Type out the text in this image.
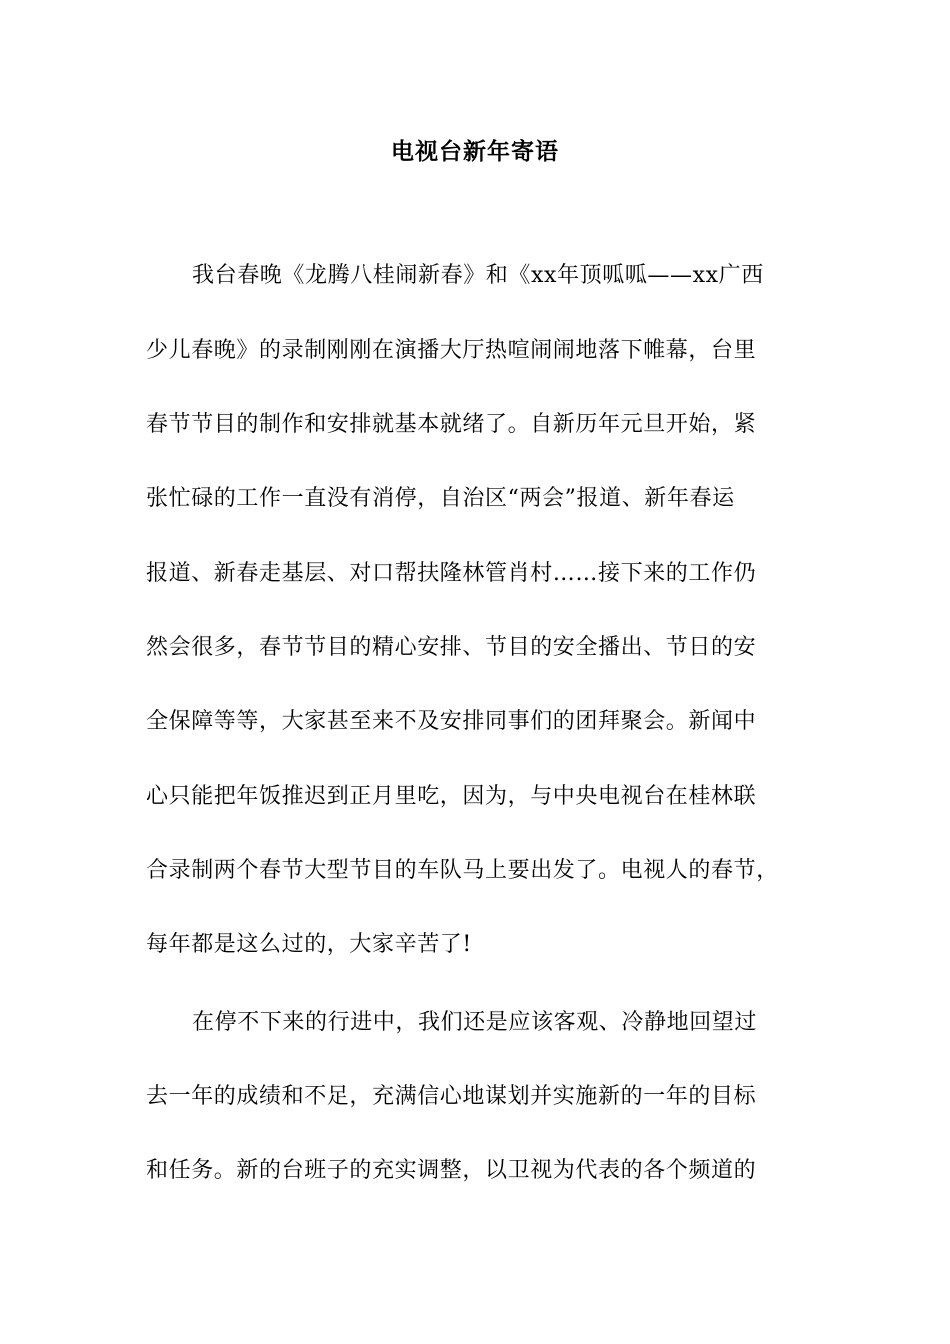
电视台新年寄语
我台春晚《龙腾八桂闹新春》和《xx年顶呱呱——xx广西
少儿春晚》的录制刚刚在演播大厅热喧闹闹地落下帷幕，台里
春节节目的制作和安排就基本就绪了。自新历年元旦开始，紧
张忙碌的工作一直没有消停，自治区“两会”报道、新年春运
报道、新春走基层、对口帮扶隆林管肖村……接下来的工作仍
然会很多，春节节目的精心安排、节目的安全播出、节日的安
全保障等等，大家甚至来不及安排同事们的团拜聚会。新闻中
心只能把年饭推迟到正月里吃，因为，与中央电视台在桂林联
合录制两个春节大型节目的车队马上要出发了。电视人的春节，
每年都是这么过的，大家辛苦了!
在停不下来的行进中，我们还是应该客观、冷静地回望过
去一年的成绩和不足，充满信心地谋划并实施新的一年的目标
和任务。新的台班子的充实调整，以卫视为代表的各个频道的
